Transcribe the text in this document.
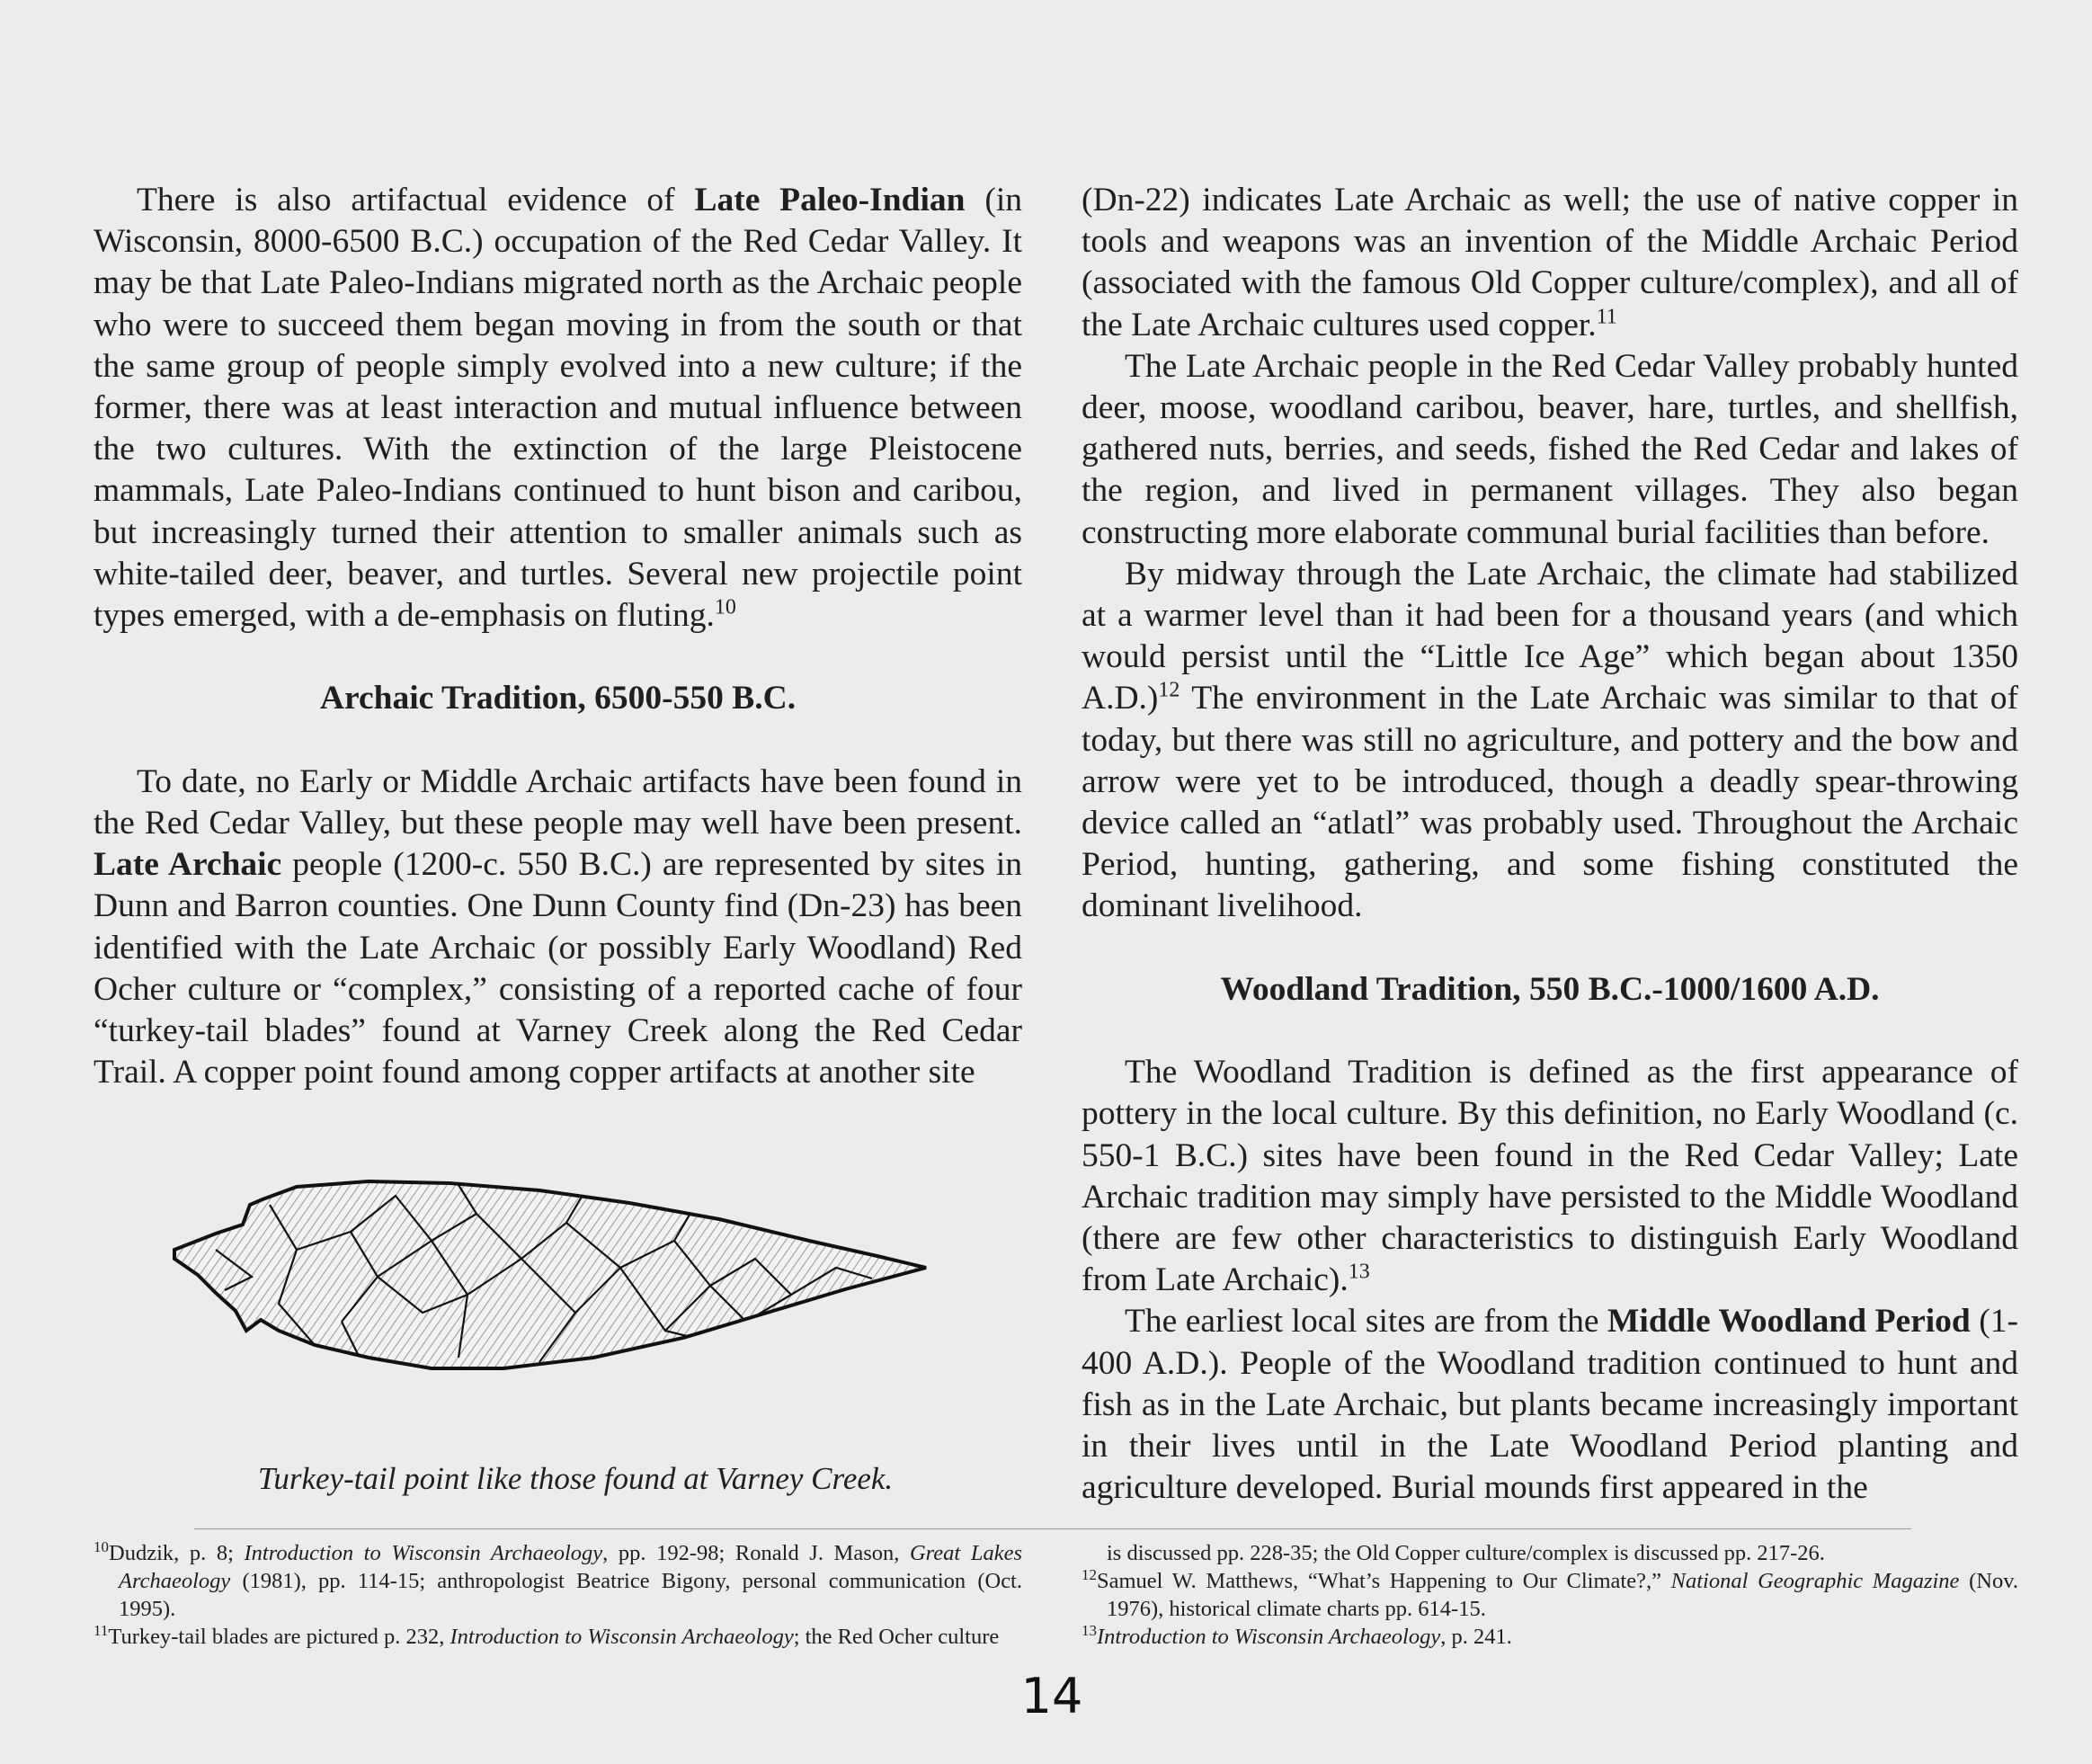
There is also artifactual evidence of Late Paleo-Indian (in Wisconsin, 8000-6500 B.C.) occupation of the Red Cedar Valley. It may be that Late Paleo-Indians migrated north as the Archaic people who were to succeed them began moving in from the south or that the same group of people simply evolved into a new culture; if the former, there was at least interaction and mutual influence between the two cultures. With the extinction of the large Pleistocene mammals, Late Paleo-Indians continued to hunt bison and caribou, but increasingly turned their attention to smaller animals such as white-tailed deer, beaver, and turtles. Several new projectile point types emerged, with a de-emphasis on fluting.$^{10}$

Archaic Tradition, 6500-550 B.C.

To date, no Early or Middle Archaic artifacts have been found in the Red Cedar Valley, but these people may well have been present. Late Archaic people (1200-c. 550 B.C.) are represented by sites in Dunn and Barron counties. One Dunn County find (Dn-23) has been identified with the Late Archaic (or possibly Early Woodland) Red Ocher culture or “complex,” consisting of a reported cache of four “turkey-tail blades” found at Varney Creek along the Red Cedar Trail. A copper point found among copper artifacts at another site

Turkey-tail point like those found at Varney Creek.

(Dn-22) indicates Late Archaic as well; the use of native copper in tools and weapons was an invention of the Middle Archaic Period (associated with the famous Old Copper culture/complex), and all of the Late Archaic cultures used copper.$^{11}$

The Late Archaic people in the Red Cedar Valley probably hunted deer, moose, woodland caribou, beaver, hare, turtles, and shellfish, gathered nuts, berries, and seeds, fished the Red Cedar and lakes of the region, and lived in permanent villages. They also began constructing more elaborate communal burial facilities than before.

By midway through the Late Archaic, the climate had stabilized at a warmer level than it had been for a thousand years (and which would persist until the “Little Ice Age” which began about 1350 A.D.)$^{12}$ The environment in the Late Archaic was similar to that of today, but there was still no agriculture, and pottery and the bow and arrow were yet to be introduced, though a deadly spear-throwing device called an “atlatl” was probably used. Throughout the Archaic Period, hunting, gathering, and some fishing constituted the dominant livelihood.

Woodland Tradition, 550 B.C.-1000/1600 A.D.

The Woodland Tradition is defined as the first appearance of pottery in the local culture. By this definition, no Early Woodland (c. 550-1 B.C.) sites have been found in the Red Cedar Valley; Late Archaic tradition may simply have persisted to the Middle Woodland (there are few other characteristics to distinguish Early Woodland from Late Archaic).$^{13}$

The earliest local sites are from the Middle Woodland Period (1-400 A.D.). People of the Woodland tradition continued to hunt and fish as in the Late Archaic, but plants became increasingly important in their lives until in the Late Woodland Period planting and agriculture developed. Burial mounds first appeared in the

$^{10}$Dudzik, p. 8; Introduction to Wisconsin Archaeology, pp. 192-98; Ronald J. Mason, Great Lakes Archaeology (1981), pp. 114-15; anthropologist Beatrice Bigony, personal communication (Oct. 1995).

$^{11}$Turkey-tail blades are pictured p. 232, Introduction to Wisconsin Archaeology; the Red Ocher culture

is discussed pp. 228-35; the Old Copper culture/complex is discussed pp. 217-26.

$^{12}$Samuel W. Matthews, “What’s Happening to Our Climate?,” National Geographic Magazine (Nov. 1976), historical climate charts pp. 614-15.

$^{13}$Introduction to Wisconsin Archaeology, p. 241.

14
